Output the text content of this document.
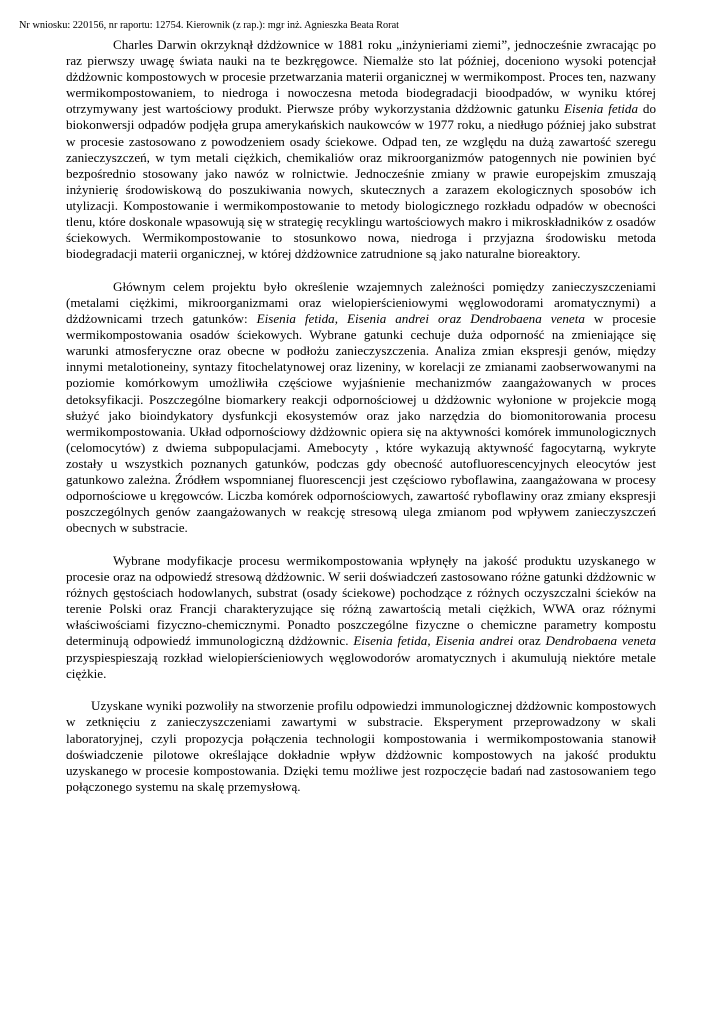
Nr wniosku: 220156, nr raportu: 12754. Kierownik (z rap.): mgr inż. Agnieszka Beata Rorat

Charles Darwin okrzyknął dżdżownice w 1881 roku „inżynieriami ziemi”, jednocześnie zwracając po raz pierwszy uwagę świata nauki na te bezkręgowce. Niemalże sto lat później, doceniono wysoki potencjał dżdżownic kompostowych w procesie przetwarzania materii organicznej w wermikompost. Proces ten, nazwany wermikompostowaniem, to niedroga i nowoczesna metoda biodegradacji bioodpadów, w wyniku której otrzymywany jest wartościowy produkt. Pierwsze próby wykorzystania dżdżownic gatunku Eisenia fetida do biokonwersji odpadów podjęła grupa amerykańskich naukowców w 1977 roku, a niedługo później jako substrat w procesie zastosowano z powodzeniem osady ściekowe. Odpad ten, ze względu na dużą zawartość szeregu zanieczyszczeń, w tym metali ciężkich, chemikaliów oraz mikroorganizmów patogennych nie powinien być bezpośrednio stosowany jako nawóz w rolnictwie. Jednocześnie zmiany w prawie europejskim zmuszają inżynierię środowiskową do poszukiwania nowych, skutecznych a zarazem ekologicznych sposobów ich utylizacji. Kompostowanie i wermikompostowanie to metody biologicznego rozkładu odpadów w obecności tlenu, które doskonale wpasowują się w strategię recyklingu wartościowych makro i mikroskładników z osadów ściekowych. Wermikompostowanie to stosunkowo nowa, niedroga i przyjazna środowisku metoda biodegradacji materii organicznej, w której dżdżownice zatrudnione są jako naturalne bioreaktory.

Głównym celem projektu było określenie wzajemnych zależności pomiędzy zanieczyszczeniami (metalami ciężkimi, mikroorganizmami oraz wielopierścieniowymi węglowodorami aromatycznymi) a dżdżownicami trzech gatunków: Eisenia fetida, Eisenia andrei oraz Dendrobaena veneta w procesie wermikompostowania osadów ściekowych. Wybrane gatunki cechuje duża odporność na zmieniające się warunki atmosferyczne oraz obecne w podłożu zanieczyszczenia. Analiza zmian ekspresji genów, między innymi metalotioneiny, syntazy fitochelatynowej oraz lizeniny, w korelacji ze zmianami zaobserwowanymi na poziomie komórkowym umożliwiła częściowe wyjaśnienie mechanizmów zaangażowanych w proces detoksyfikacji. Poszczególne biomarkery reakcji odpornościowej u dżdżownic wyłonione w projekcie mogą służyć jako bioindykatory dysfunkcji ekosystemów oraz jako narzędzia do biomonitorowania procesu wermikompostowania. Układ odpornościowy dżdżownic opiera się na aktywności komórek immunologicznych (celomocytów) z dwiema subpopulacjami. Amebocyty , które wykazują aktywność fagocytarną, wykryte zostały u wszystkich poznanych gatunków, podczas gdy obecność autofluorescencyjnych eleocytów jest gatunkowo zależna. Źródłem wspomnianej fluorescencji jest częściowo ryboflawina, zaangażowana w procesy odpornościowe u kręgowców. Liczba komórek odpornościowych, zawartość ryboflawiny oraz zmiany ekspresji poszczególnych genów zaangażowanych w reakcję stresową ulega zmianom pod wpływem zanieczyszczeń obecnych w substracie.

Wybrane modyfikacje procesu wermikompostowania wpłynęły na jakość produktu uzyskanego w procesie oraz na odpowiedź stresową dżdżownic. W serii doświadczeń zastosowano różne gatunki dżdżownic w różnych gęstościach hodowlanych, substrat (osady ściekowe) pochodzące z różnych oczyszczalni ścieków na terenie Polski oraz Francji charakteryzujące się różną zawartością metali ciężkich, WWA oraz różnymi właściwościami fizyczno-chemicznymi. Ponadto poszczególne fizyczne o chemiczne parametry kompostu determinują odpowiedź immunologiczną dżdżownic. Eisenia fetida, Eisenia andrei oraz Dendrobaena veneta przyspiespieszają rozkład wielopierścieniowych węglowodorów aromatycznych i akumulują niektóre metale ciężkie.

Uzyskane wyniki pozwoliły na stworzenie profilu odpowiedzi immunologicznej dżdżownic kompostowych w zetknięciu z zanieczyszczeniami zawartymi w substracie. Eksperyment przeprowadzony w skali laboratoryjnej, czyli propozycja połączenia technologii kompostowania i wermikompostowania stanowił doświadczenie pilotowe określające dokładnie wpływ dżdżownic kompostowych na jakość produktu uzyskanego w procesie kompostowania. Dzięki temu możliwe jest rozpoczęcie badań nad zastosowaniem tego połączonego systemu na skalę przemysłową.
